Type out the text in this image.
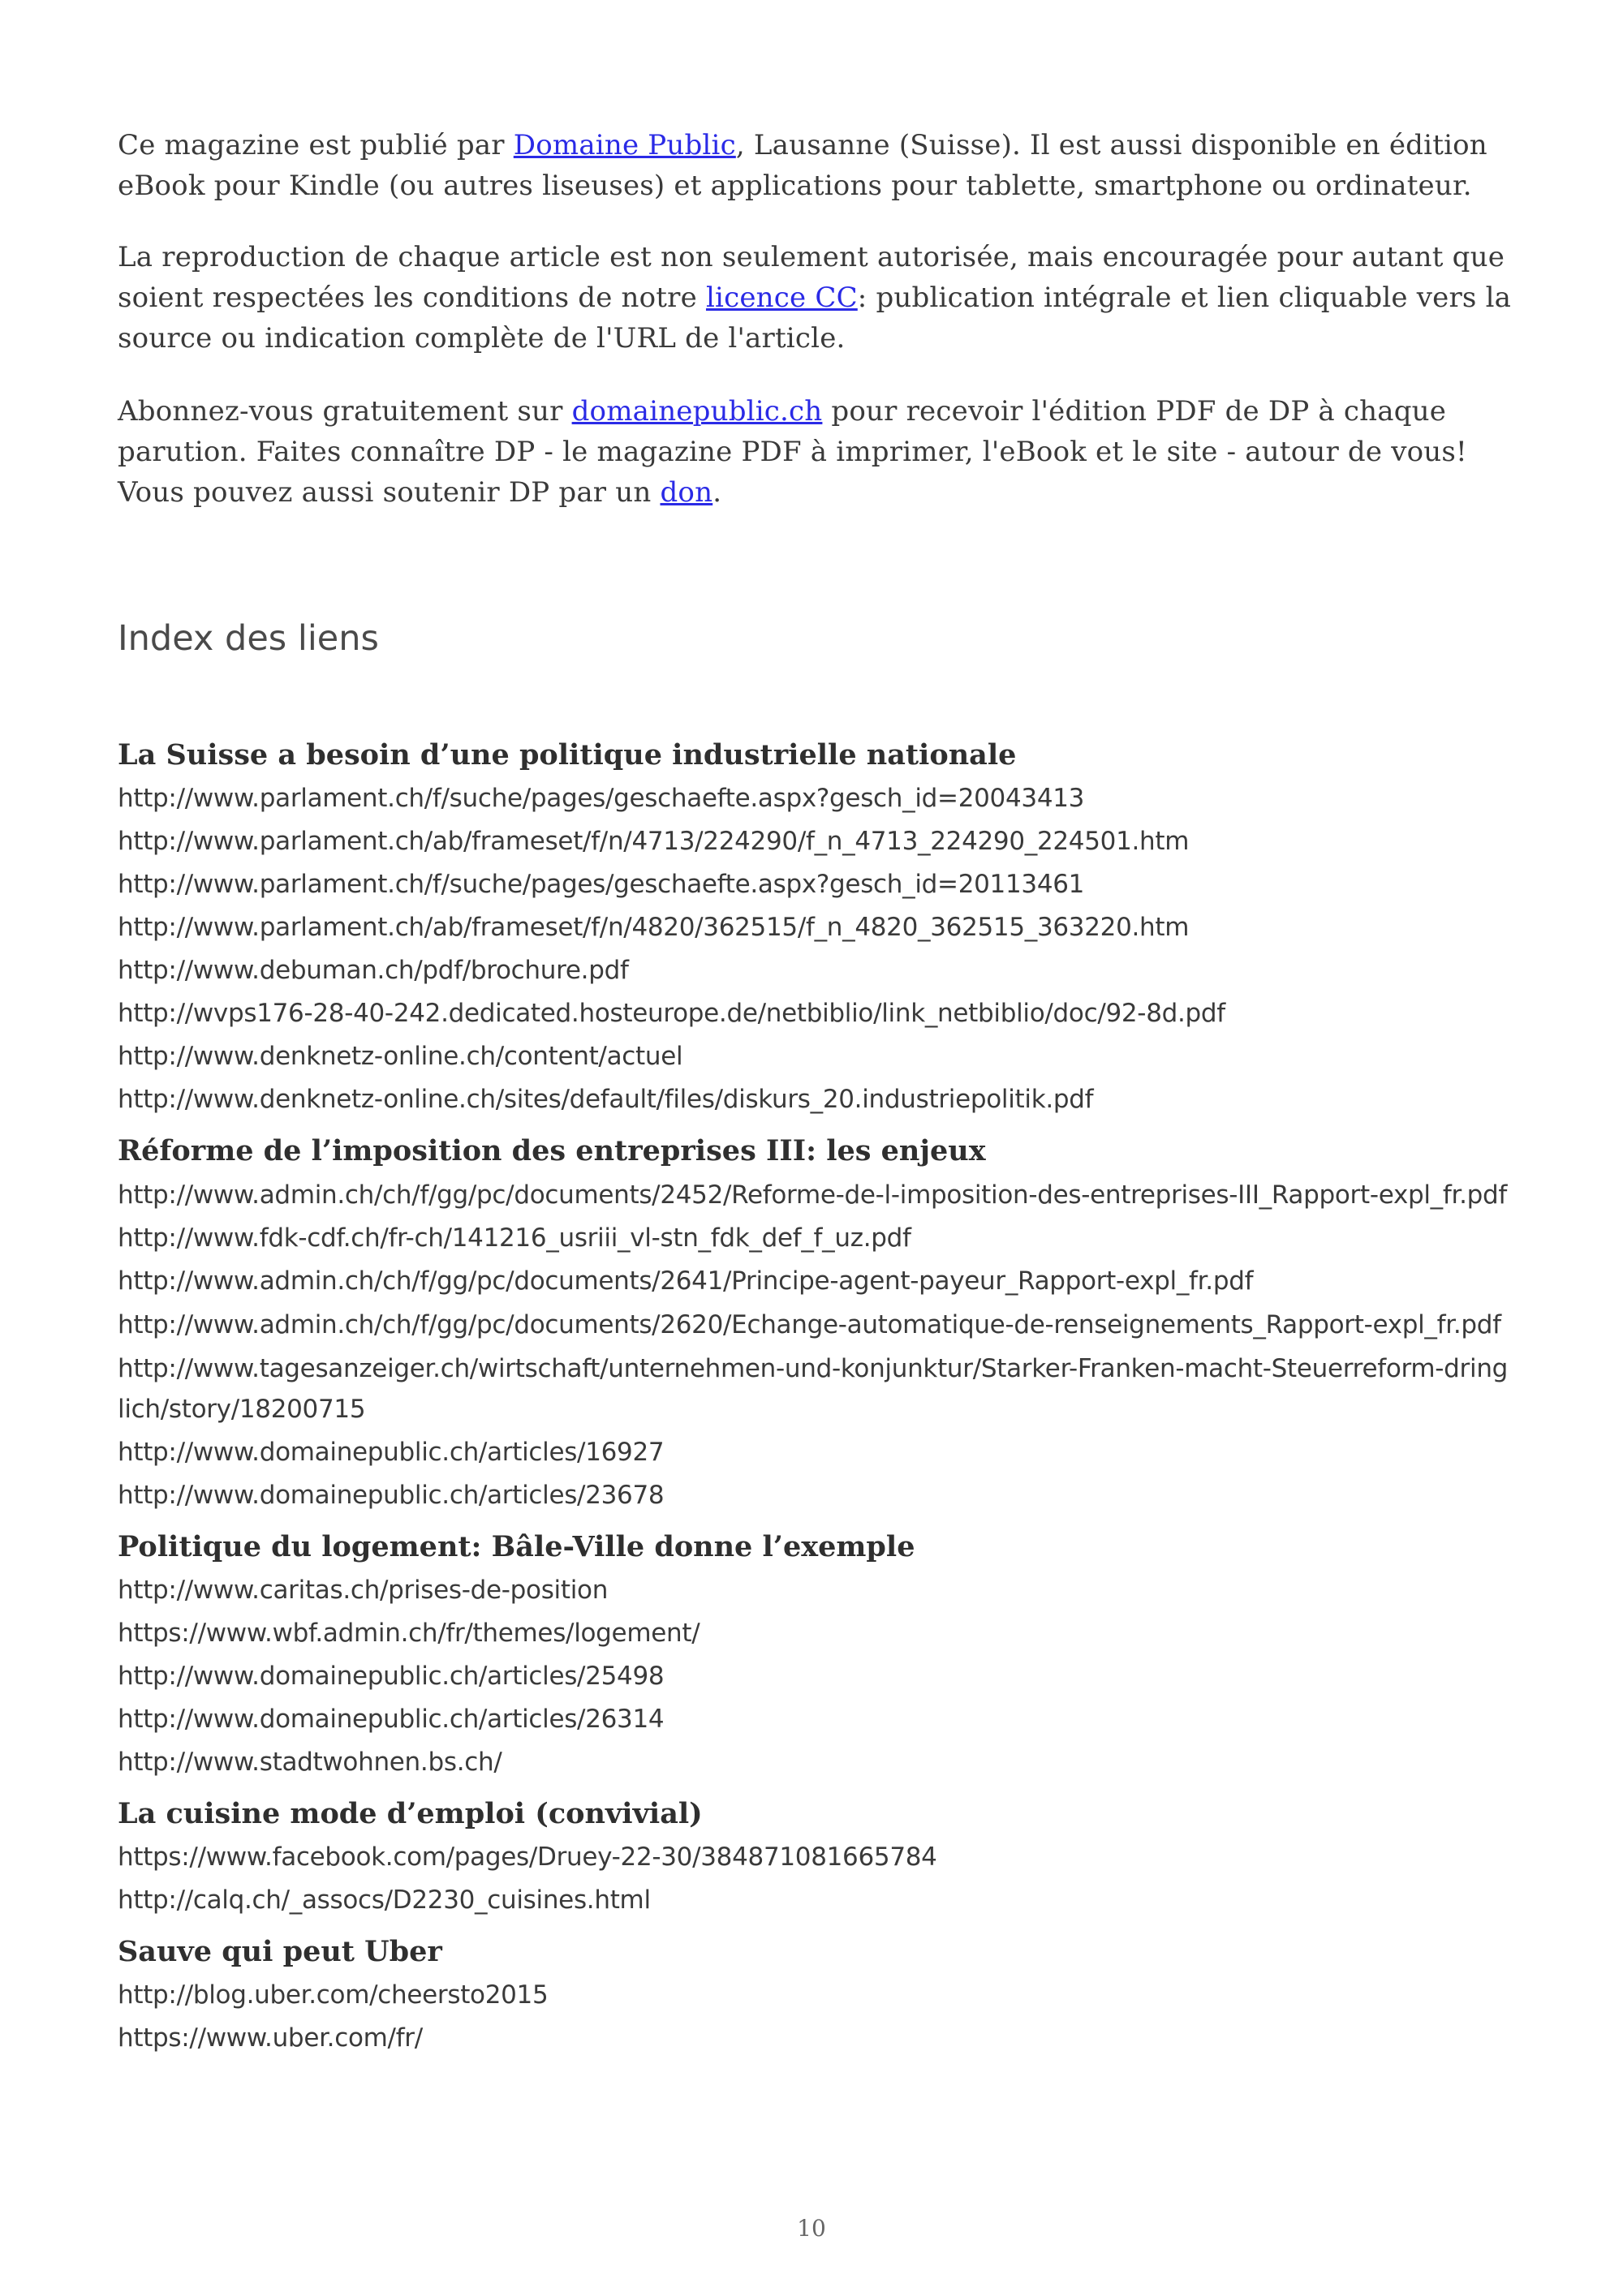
Ce magazine est publié par Domaine Public, Lausanne (Suisse). Il est aussi disponible en édition eBook pour Kindle (ou autres liseuses) et applications pour tablette, smartphone ou ordinateur.

La reproduction de chaque article est non seulement autorisée, mais encouragée pour autant que soient respectées les conditions de notre licence CC: publication intégrale et lien cliquable vers la source ou indication complète de l'URL de l'article.

Abonnez-vous gratuitement sur domainepublic.ch pour recevoir l'édition PDF de DP à chaque parution. Faites connaître DP - le magazine PDF à imprimer, l'eBook et le site - autour de vous! Vous pouvez aussi soutenir DP par un don.

Index des liens
La Suisse a besoin d’une politique industrielle nationale
http://www.parlament.ch/f/suche/pages/geschaefte.aspx?gesch_id=20043413
http://www.parlament.ch/ab/frameset/f/n/4713/224290/f_n_4713_224290_224501.htm
http://www.parlament.ch/f/suche/pages/geschaefte.aspx?gesch_id=20113461
http://www.parlament.ch/ab/frameset/f/n/4820/362515/f_n_4820_362515_363220.htm
http://www.debuman.ch/pdf/brochure.pdf
http://wvps176-28-40-242.dedicated.hosteurope.de/netbiblio/link_netbiblio/doc/92-8d.pdf
http://www.denknetz-online.ch/content/actuel
http://www.denknetz-online.ch/sites/default/files/diskurs_20.industriepolitik.pdf
Réforme de l’imposition des entreprises III: les enjeux
http://www.admin.ch/ch/f/gg/pc/documents/2452/Reforme-de-l-imposition-des-entreprises-III_Rapport-expl_fr.pdf
http://www.fdk-cdf.ch/fr-ch/141216_usriii_vl-stn_fdk_def_f_uz.pdf
http://www.admin.ch/ch/f/gg/pc/documents/2641/Principe-agent-payeur_Rapport-expl_fr.pdf
http://www.admin.ch/ch/f/gg/pc/documents/2620/Echange-automatique-de-renseignements_Rapport-expl_fr.pdf
http://www.tagesanzeiger.ch/wirtschaft/unternehmen-und-konjunktur/Starker-Franken-macht-Steuerreform-dringlich/story/18200715
http://www.domainepublic.ch/articles/16927
http://www.domainepublic.ch/articles/23678
Politique du logement: Bâle-Ville donne l’exemple
http://www.caritas.ch/prises-de-position
https://www.wbf.admin.ch/fr/themes/logement/
http://www.domainepublic.ch/articles/25498
http://www.domainepublic.ch/articles/26314
http://www.stadtwohnen.bs.ch/
La cuisine mode d’emploi (convivial)
https://www.facebook.com/pages/Druey-22-30/384871081665784
http://calq.ch/_assocs/D2230_cuisines.html
Sauve qui peut Uber
http://blog.uber.com/cheersto2015
https://www.uber.com/fr/
10
